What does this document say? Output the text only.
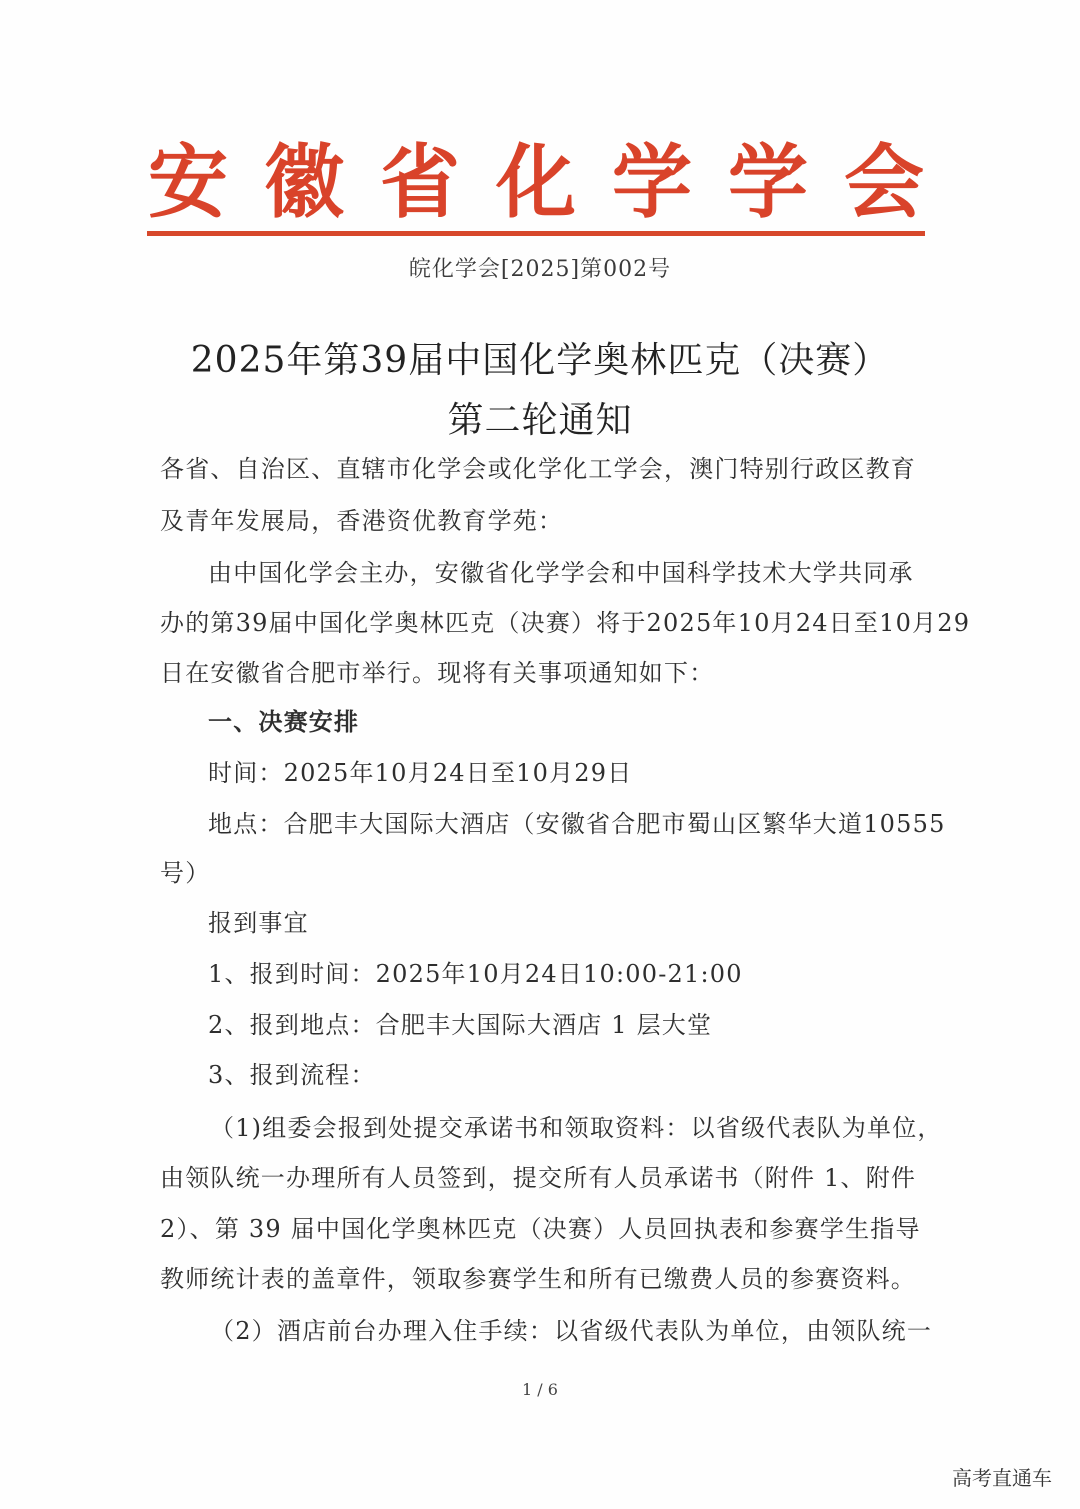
安 徽 省 化 学 学 会
皖化学会[2025]第002号
2025年第39届中国化学奥林匹克（决赛）
第二轮通知
各省、自治区、直辖市化学会或化学化工学会，澳门特别行政区教育
及青年发展局，香港资优教育学苑：
由中国化学会主办，安徽省化学学会和中国科学技术大学共同承
办的第39届中国化学奥林匹克（决赛）将于2025年10月24日至10月29
日在安徽省合肥市举行。现将有关事项通知如下：
一、决赛安排
时间：2025年10月24日至10月29日
地点：合肥丰大国际大酒店（安徽省合肥市蜀山区繁华大道10555
号）
报到事宜
1、报到时间：2025年10月24日10:00-21:00
2、报到地点：合肥丰大国际大酒店 1 层大堂
3、报到流程：
（1)组委会报到处提交承诺书和领取资料：以省级代表队为单位，
由领队统一办理所有人员签到，提交所有人员承诺书（附件 1、附件
2）、第 39 届中国化学奥林匹克（决赛）人员回执表和参赛学生指导
教师统计表的盖章件，领取参赛学生和所有已缴费人员的参赛资料。
（2）酒店前台办理入住手续：以省级代表队为单位，由领队统一
1 / 6
高考直通车
